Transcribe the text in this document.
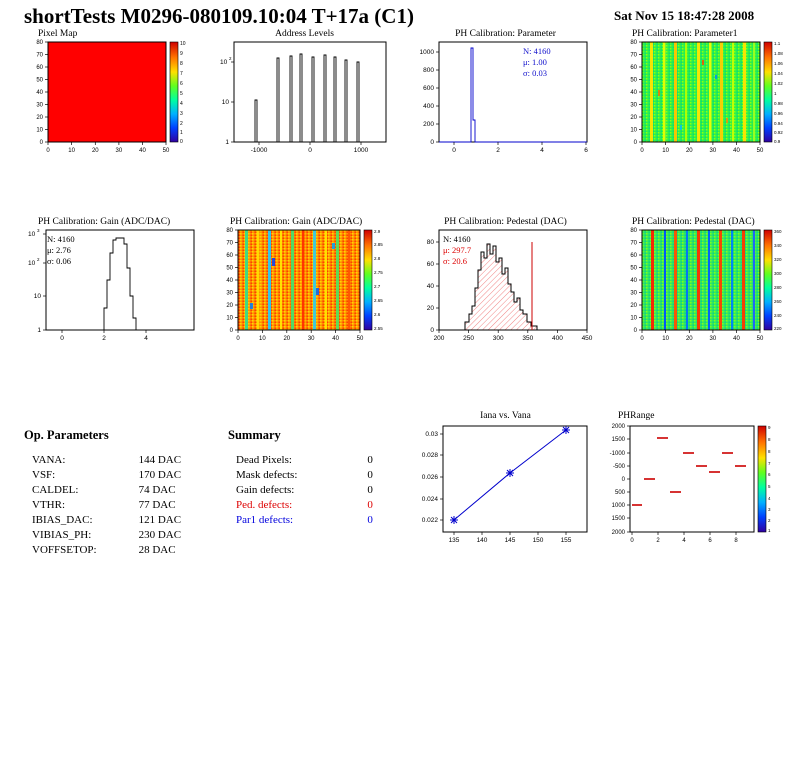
shortTests M0296-080109.10:04 T+17a (C1)	Sat Nov 15 18:47:28 2008
Pixel Map
10
9
8
7
6
5
4
3
2
1
0
0	10	20	30	40	50
0
10
20
30
40
50
60
70
80
Address Levels
-1000	0	1000
1
10
10
2
PH Calibration: Parameter
0	2	4	6
0
200
400
600
800
1000	N: 4160
μ: 1.00
σ: 0.03
PH Calibration: Parameter1
1.1
1.08
1.06
1.04
1.02
1
0.98
0.96
0.94
0.92
0.9
0	10	20	30	40	50
0
10
20
30
40
50
60
70
80
PH Calibration: Gain (ADC/DAC)
0	2	4
1
10
10
2
10
3
N: 4160
μ: 2.76
σ: 0.06
PH Calibration: Gain (ADC/DAC)
2.9
2.85
2.8
2.75
2.7
2.65
2.6
2.55
0	10	20	30	40	50
0
10
20
30
40
50
60
70
80
PH Calibration: Pedestal (DAC)
200	250	300	350	400	450
0
20
40
60
80 N: 4160
μ: 297.7
σ: 20.6
PH Calibration: Pedestal (DAC)
360
340
320
300
280
260
240
220
0	10	20	30	40	50
0
10
20
30
40
50
60
70
80
Op. Parameters
VANA:	144 DAC
VSF:	170 DAC
CALDEL:	74 DAC
VTHR:	77 DAC
IBIAS_DAC:	121 DAC
VIBIAS_PH:	230 DAC
VOFFSETOP:	28 DAC
Summary
Dead Pixels:	0
Mask defects:	0
Gain defects:	0
Ped. defects:	0
Par1 defects:	0
Iana vs. Vana
135	140	145	150	155
0.022
0.024
0.026
0.028
0.03
PHRange
0	2	4	6	8
2000
1500
1000
500
0
-500
-1000
1500
2000	9
8
8
7
6
5
4
3
2
1
